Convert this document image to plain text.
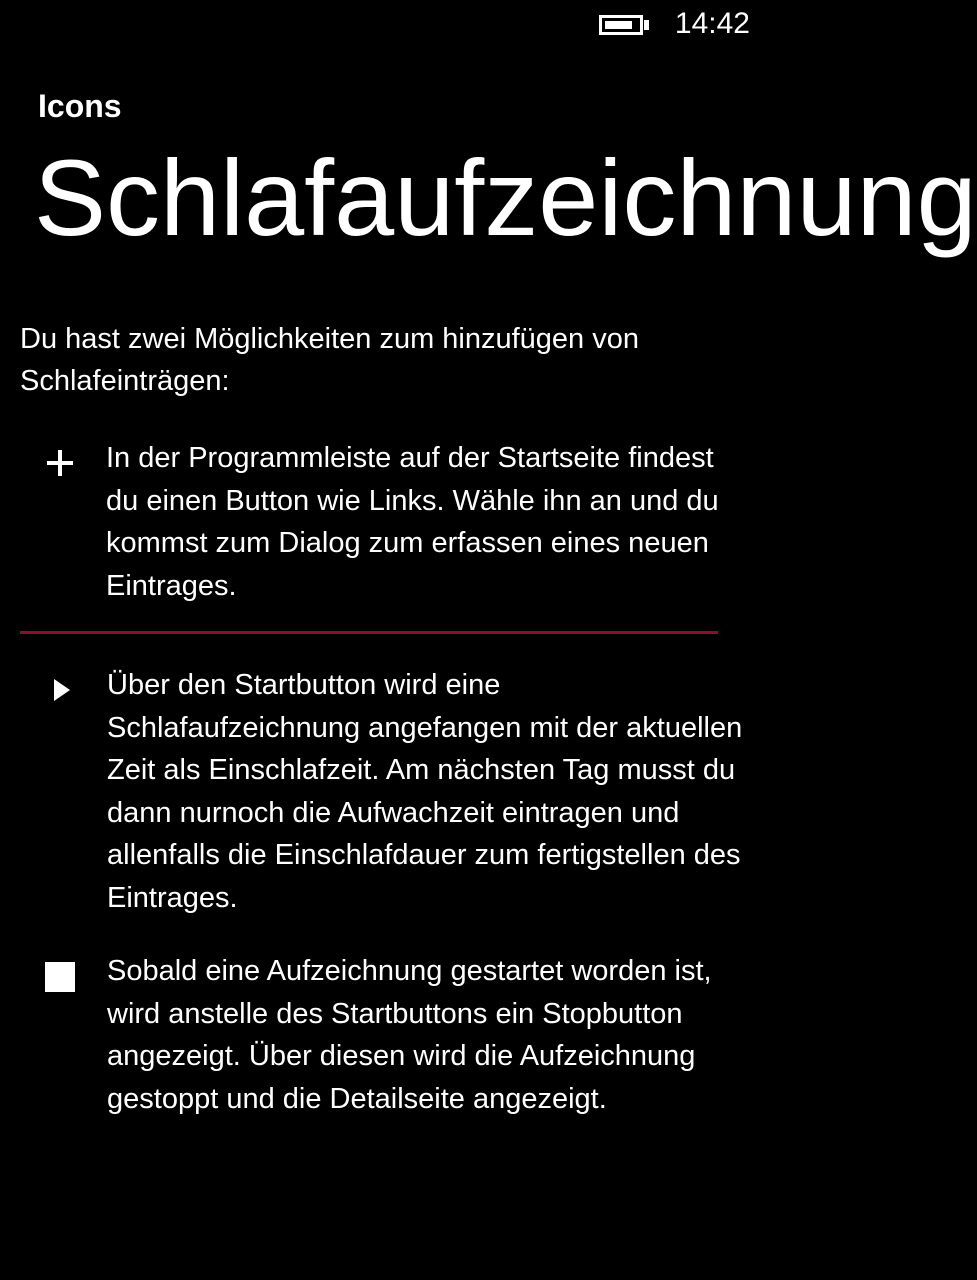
14:42
Icons
Schlafaufzeichnung
Du hast zwei Möglichkeiten zum hinzufügen von Schlafeinträgen:
In der Programmleiste auf der Startseite findest du einen Button wie Links. Wähle ihn an und du kommst zum Dialog zum erfassen eines neuen Eintrages.
Über den Startbutton wird eine Schlafaufzeichnung angefangen mit der aktuellen Zeit als Einschlafzeit. Am nächsten Tag musst du dann nurnoch die Aufwachzeit eintragen und allenfalls die Einschlafdauer zum fertigstellen des Eintrages.
Sobald eine Aufzeichnung gestartet worden ist, wird anstelle des Startbuttons ein Stopbutton angezeigt. Über diesen wird die Aufzeichnung gestoppt und die Detailseite angezeigt.
